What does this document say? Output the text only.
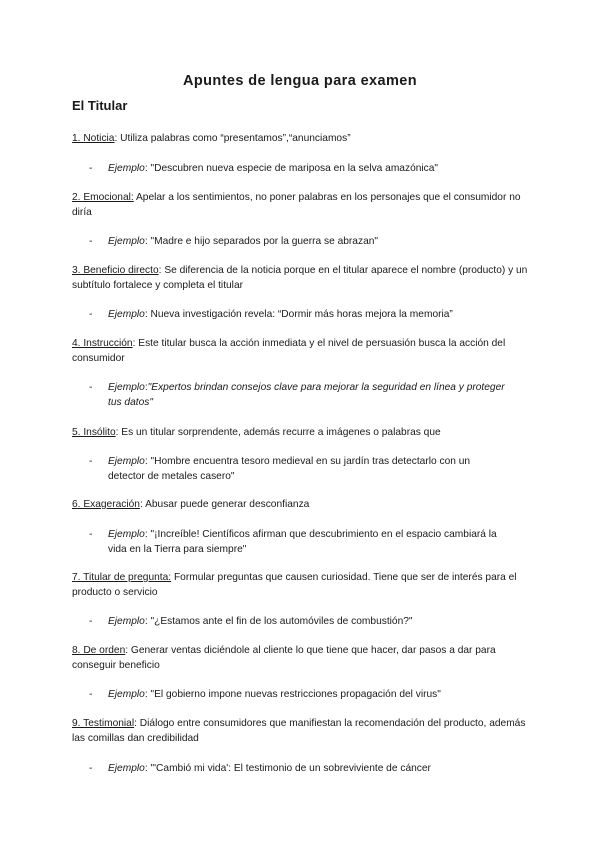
Apuntes de lengua para examen
El Titular

1. Noticia: Utiliza palabras como “presentamos”,“anunciamos”

-	Ejemplo: "Descubren nueva especie de mariposa en la selva amazónica"

2. Emocional: Apelar a los sentimientos, no poner palabras en los personajes que el consumidor no diría

-	Ejemplo: "Madre e hijo separados por la guerra se abrazan"

3. Beneficio directo: Se diferencia de la noticia porque en el titular aparece el nombre (producto) y un subtítulo fortalece y completa el titular

-	Ejemplo: Nueva investigación revela: “Dormir más horas mejora la memoria”

4. Instrucción: Este titular busca la acción inmediata y el nivel de persuasión busca la acción del consumidor

-	Ejemplo:"Expertos brindan consejos clave para mejorar la seguridad en línea y proteger tus datos"

5. Insólito: Es un titular sorprendente, además recurre a imágenes o palabras que

-	Ejemplo: "Hombre encuentra tesoro medieval en su jardín tras detectarlo con un detector de metales casero"

6. Exageración: Abusar puede generar desconfianza

-	Ejemplo: "¡Increíble! Científicos afirman que descubrimiento en el espacio cambiará la vida en la Tierra para siempre"

7. Titular de pregunta: Formular preguntas que causen curiosidad. Tiene que ser de interés para el producto o servicio

-	Ejemplo: "¿Estamos ante el fin de los automóviles de combustión?"

8. De orden: Generar ventas diciéndole al cliente lo que tiene que hacer, dar pasos a dar para conseguir beneficio

-	Ejemplo: "El gobierno impone nuevas restricciones propagación del virus"

9. Testimonial: Diálogo entre consumidores que manifiestan la recomendación del producto, además las comillas dan credibilidad

-	Ejemplo: "'Cambió mi vida': El testimonio de un sobreviviente de cáncer
